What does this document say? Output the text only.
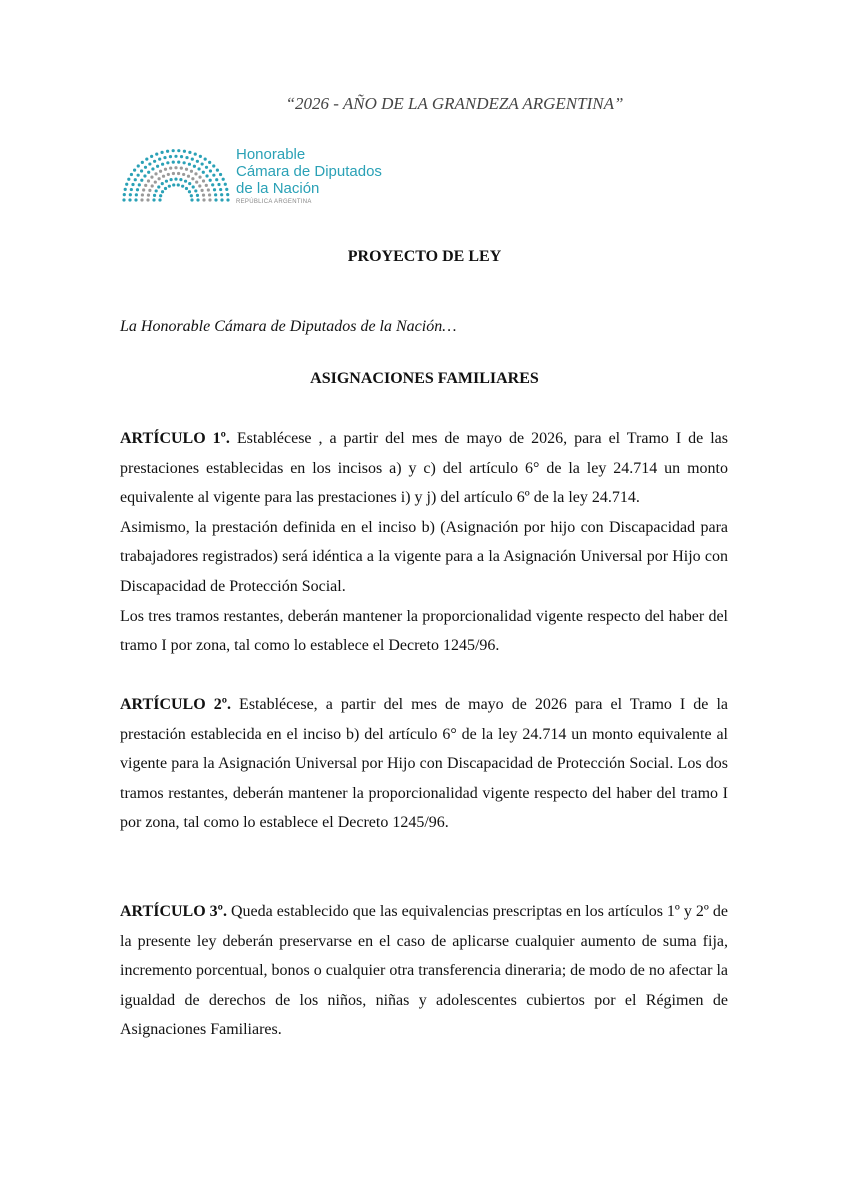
“2026 - AÑO DE LA GRANDEZA ARGENTINA”
Honorable
Cámara de Diputados
de la Nación
REPÚBLICA ARGENTINA
PROYECTO DE LEY
La Honorable Cámara de Diputados de la Nación…
ASIGNACIONES FAMILIARES
ARTÍCULO 1º. Establécese , a partir del mes de mayo de 2026, para el Tramo I de las prestaciones establecidas en los incisos a) y c) del artículo 6° de la ley 24.714 un monto equivalente al vigente para las prestaciones i) y j) del artículo 6º de la ley 24.714.
Asimismo, la prestación definida en el inciso b) (Asignación por hijo con Discapacidad para trabajadores registrados) será idéntica a la vigente para a la Asignación Universal por Hijo con Discapacidad de Protección Social.
Los tres tramos restantes, deberán mantener la proporcionalidad vigente respecto del haber del tramo I por zona, tal como lo establece el Decreto 1245/96.

ARTÍCULO 2º. Establécese, a partir del mes de mayo de 2026 para el Tramo I de la prestación establecida en el inciso b) del artículo 6° de la ley 24.714 un monto equivalente al vigente para la Asignación Universal por Hijo con Discapacidad de Protección Social. Los dos tramos restantes, deberán mantener la proporcionalidad vigente respecto del haber del tramo I por zona, tal como lo establece el Decreto 1245/96.

ARTÍCULO 3º. Queda establecido que las equivalencias prescriptas en los artículos 1º y 2º de la presente ley deberán preservarse en el caso de aplicarse cualquier aumento de suma fija, incremento porcentual, bonos o cualquier otra transferencia dineraria; de modo de no afectar la igualdad de derechos de los niños, niñas y adolescentes cubiertos por el Régimen de Asignaciones Familiares.
